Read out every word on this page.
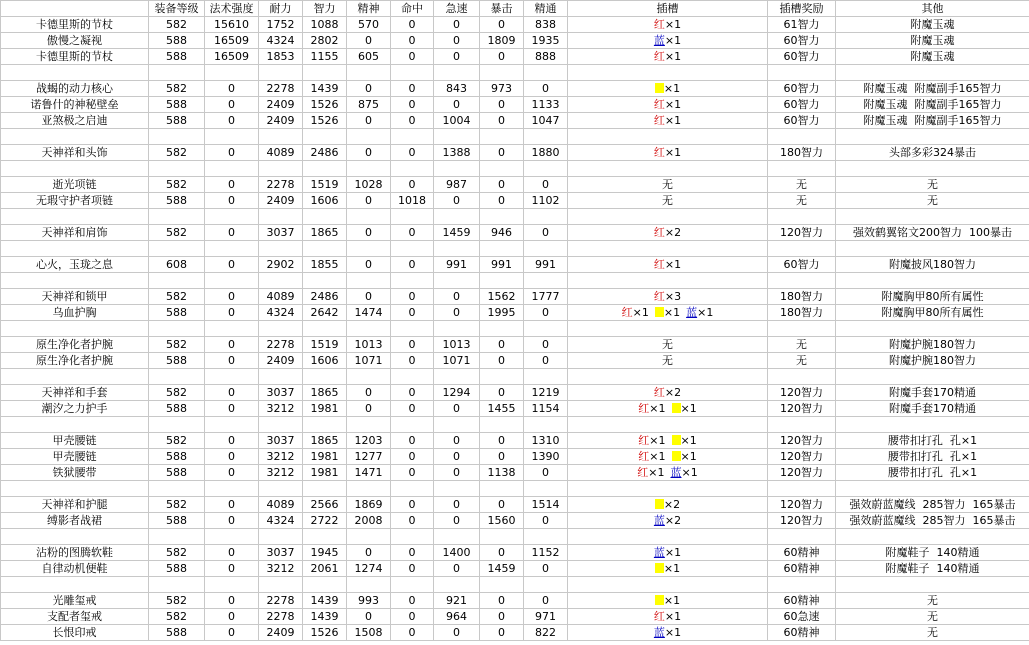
	装备等级	法术强度	耐力	智力	精神	命中	急速	暴击	精通	插槽	插槽奖励	其他
卡德里斯的节杖	582	15610	1752	1088	570	0	0	0	838	红×1	61智力	附魔玉魂
傲慢之凝视	588	16509	4324	2802	0	0	0	1809	1935	蓝×1	60智力	附魔玉魂
卡德里斯的节杖	588	16509	1853	1155	605	0	0	0	888	红×1	60智力	附魔玉魂

战蝎的动力核心	582	0	2278	1439	0	0	843	973	0	×1	60智力	附魔玉魂  附魔副手165智力
诺鲁什的神秘壁垒	588	0	2409	1526	875	0	0	0	1133	红×1	60智力	附魔玉魂  附魔副手165智力
亚煞极之启迪	588	0	2409	1526	0	0	1004	0	1047	红×1	60智力	附魔玉魂  附魔副手165智力

天神祥和头饰	582	0	4089	2486	0	0	1388	0	1880	红×1	180智力	头部多彩324暴击

逝光项链	582	0	2278	1519	1028	0	987	0	0	无	无	无
无瑕守护者项链	588	0	2409	1606	0	1018	0	0	1102	无	无	无

天神祥和肩饰	582	0	3037	1865	0	0	1459	946	0	红×2	120智力	强效鹤翼铭文200智力  100暴击

心火，玉珑之息	608	0	2902	1855	0	0	991	991	991	红×1	60智力	附魔披风180智力

天神祥和锁甲	582	0	4089	2486	0	0	0	1562	1777	红×3	180智力	附魔胸甲80所有属性
乌血护胸	588	0	4324	2642	1474	0	0	1995	0	红×1 ×1 蓝×1	180智力	附魔胸甲80所有属性

原生净化者护腕	582	0	2278	1519	1013	0	1013	0	0	无	无	附魔护腕180智力
原生净化者护腕	588	0	2409	1606	1071	0	1071	0	0	无	无	附魔护腕180智力

天神祥和手套	582	0	3037	1865	0	0	1294	0	1219	红×2	120智力	附魔手套170精通
潮汐之力护手	588	0	3212	1981	0	0	0	1455	1154	红×1 ×1	120智力	附魔手套170精通

甲壳腰链	582	0	3037	1865	1203	0	0	0	1310	红×1 ×1	120智力	腰带扣打孔  孔×1
甲壳腰链	588	0	3212	1981	1277	0	0	0	1390	红×1 ×1	120智力	腰带扣打孔  孔×1
铁狱腰带	588	0	3212	1981	1471	0	0	1138	0	红×1 蓝×1	120智力	腰带扣打孔  孔×1

天神祥和护腿	582	0	4089	2566	1869	0	0	0	1514	×2	120智力	强效蔚蓝魔线  285智力  165暴击
缚影者战裙	588	0	4324	2722	2008	0	0	1560	0	蓝×2	120智力	强效蔚蓝魔线  285智力  165暴击

沾粉的图腾软鞋	582	0	3037	1945	0	0	1400	0	1152	蓝×1	60精神	附魔鞋子  140精通
自律动机便鞋	588	0	3212	2061	1274	0	0	1459	0	×1	60精神	附魔鞋子  140精通

光雕玺戒	582	0	2278	1439	993	0	921	0	0	×1	60精神	无
支配者玺戒	582	0	2278	1439	0	0	964	0	971	红×1	60急速	无
长恨印戒	588	0	2409	1526	1508	0	0	0	822	蓝×1	60精神	无
